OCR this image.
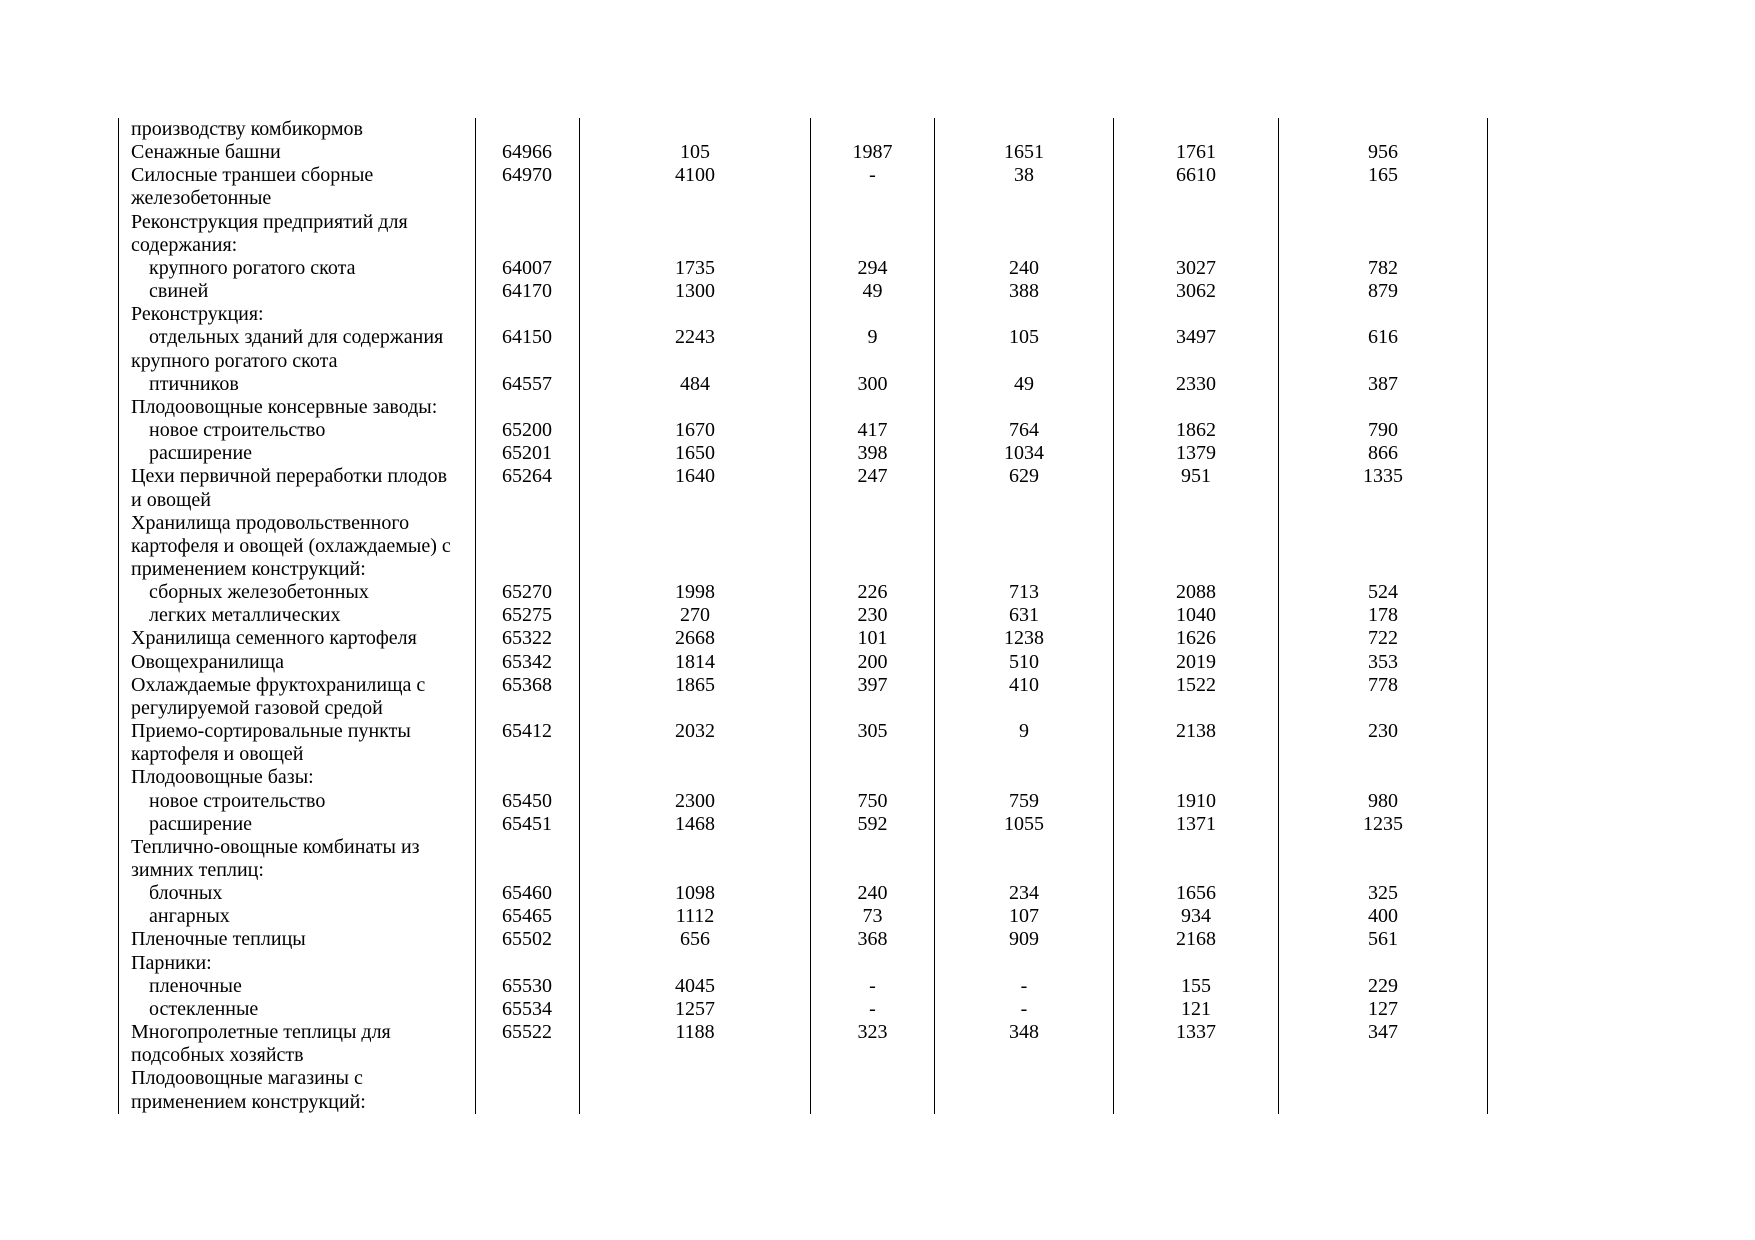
производству комбикормов						
Сенажные башни	64966	105	1987	1651	1761	956
Силосные траншеи сборные	64970	4100	-	38	6610	165
железобетонные						
Реконструкция предприятий для						
содержания:						
крупного рогатого скота	64007	1735	294	240	3027	782
свиней	64170	1300	49	388	3062	879
Реконструкция:						
отдельных зданий для содержания	64150	2243	9	105	3497	616
крупного рогатого скота						
птичников	64557	484	300	49	2330	387
Плодоовощные консервные заводы:						
новое строительство	65200	1670	417	764	1862	790
расширение	65201	1650	398	1034	1379	866
Цехи первичной переработки плодов	65264	1640	247	629	951	1335
и овощей						
Хранилища продовольственного						
картофеля и овощей (охлаждаемые) с						
применением конструкций:						
сборных железобетонных	65270	1998	226	713	2088	524
легких металлических	65275	270	230	631	1040	178
Хранилища семенного картофеля	65322	2668	101	1238	1626	722
Овощехранилища	65342	1814	200	510	2019	353
Охлаждаемые фруктохранилища с	65368	1865	397	410	1522	778
регулируемой газовой средой						
Приемо-сортировальные пункты	65412	2032	305	9	2138	230
картофеля и овощей						
Плодоовощные базы:						
новое строительство	65450	2300	750	759	1910	980
расширение	65451	1468	592	1055	1371	1235
Теплично-овощные комбинаты из						
зимних теплиц:						
блочных	65460	1098	240	234	1656	325
ангарных	65465	1112	73	107	934	400
Пленочные теплицы	65502	656	368	909	2168	561
Парники:						
пленочные	65530	4045	-	-	155	229
остекленные	65534	1257	-	-	121	127
Многопролетные теплицы для	65522	1188	323	348	1337	347
подсобных хозяйств						
Плодоовощные магазины с						
применением конструкций:						
